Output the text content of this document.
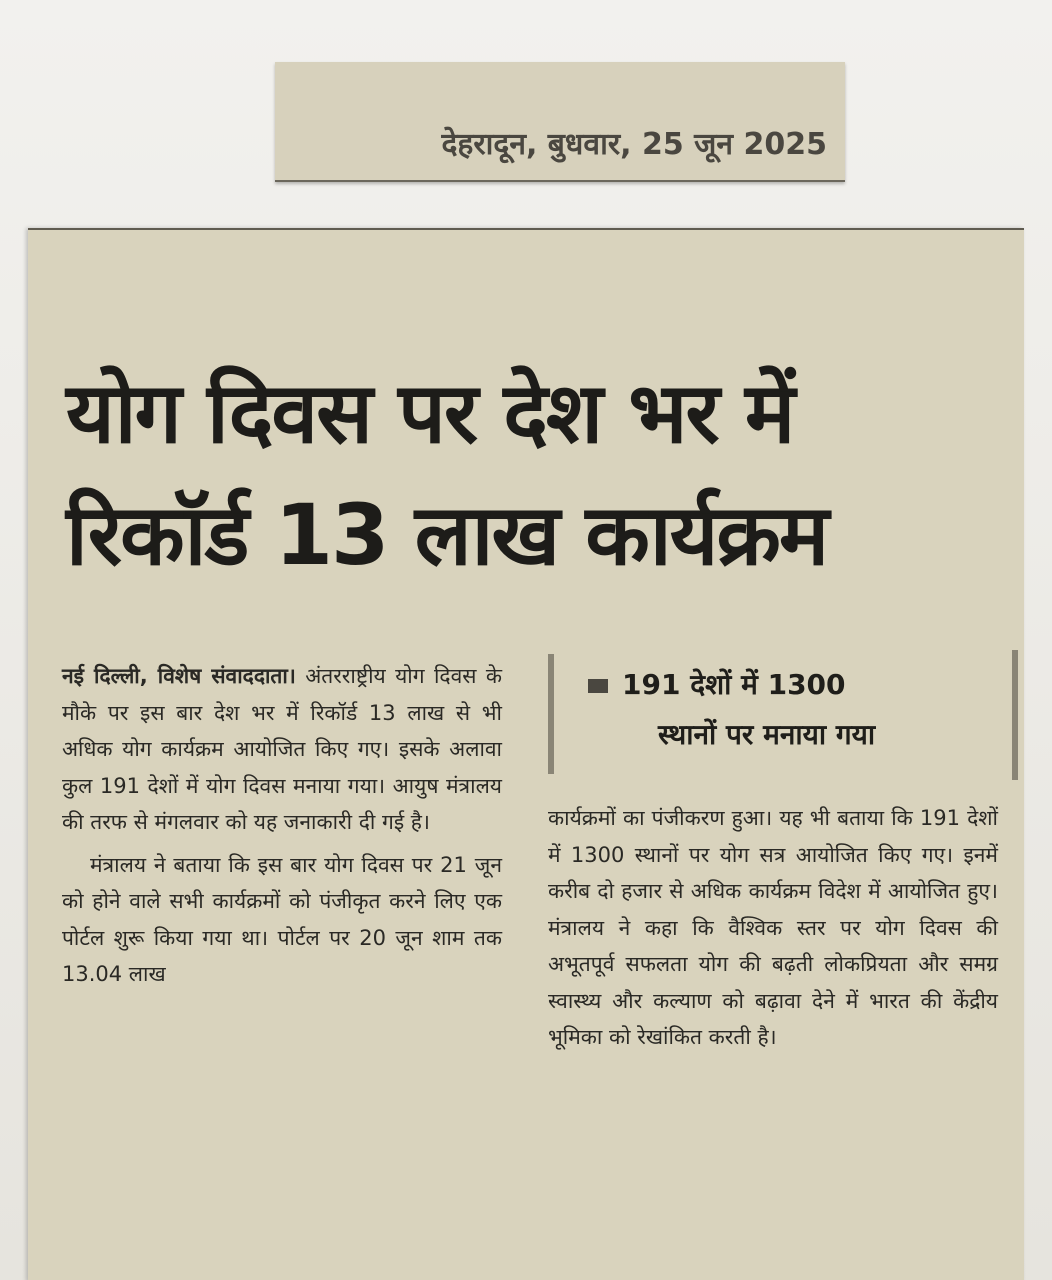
देहरादून, बुधवार, 25 जून 2025
योग दिवस पर देश भर में
रिकॉर्ड 13 लाख कार्यक्रम

नई दिल्ली, विशेष संवाददाता। अंतरराष्ट्रीय योग दिवस के मौके पर इस बार देश भर में रिकॉर्ड 13 लाख से भी अधिक योग कार्यक्रम आयोजित किए गए। इसके अलावा कुल 191 देशों में योग दिवस मनाया गया। आयुष मंत्रालय की तरफ से मंगलवार को यह जनाकारी दी गई है।

मंत्रालय ने बताया कि इस बार योग दिवस पर 21 जून को होने वाले सभी कार्यक्रमों को पंजीकृत करने लिए एक पोर्टल शुरू किया गया था। पोर्टल पर 20 जून शाम तक 13.04 लाख

191 देशों में 1300
स्थानों पर मनाया गया

कार्यक्रमों का पंजीकरण हुआ। यह भी बताया कि 191 देशों में 1300 स्थानों पर योग सत्र आयोजित किए गए। इनमें करीब दो हजार से अधिक कार्यक्रम विदेश में आयोजित हुए। मंत्रालय ने कहा कि वैश्विक स्तर पर योग दिवस की अभूतपूर्व सफलता योग की बढ़ती लोकप्रियता और समग्र स्वास्थ्य और कल्याण को बढ़ावा देने में भारत की केंद्रीय भूमिका को रेखांकित करती है।
